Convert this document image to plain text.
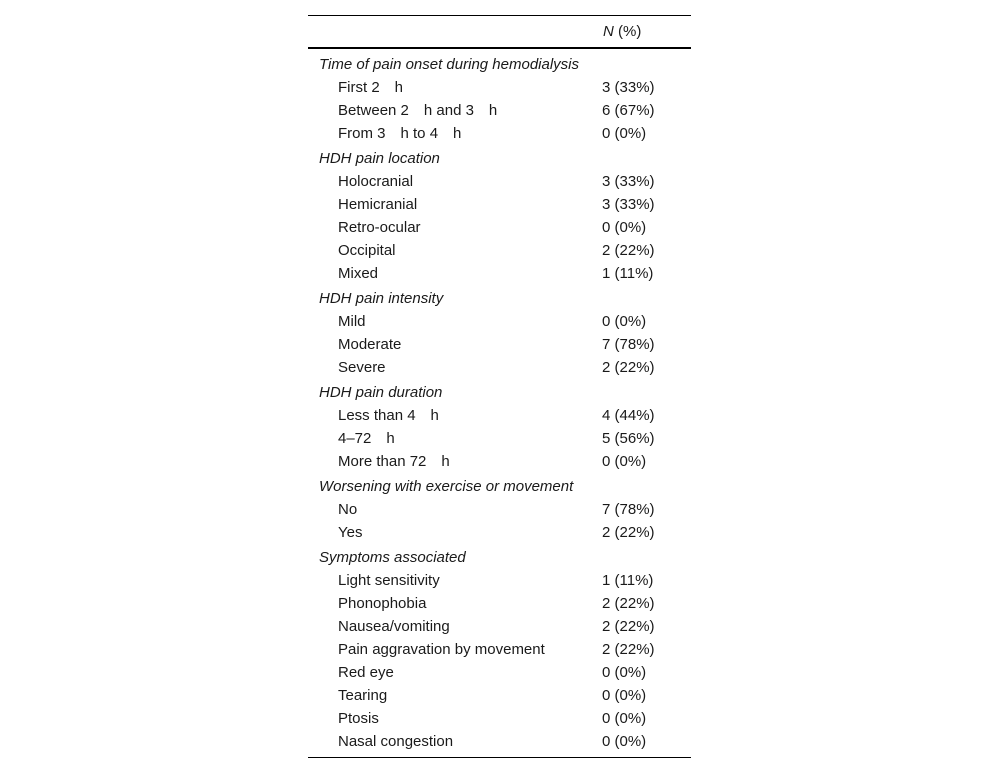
N (%)
Time of pain onset during hemodialysis
First 2  h	3 (33%)
Between 2  h and 3  h	6 (67%)
From 3  h to 4  h	0 (0%)
HDH pain location
Holocranial	3 (33%)
Hemicranial	3 (33%)
Retro-ocular	0 (0%)
Occipital	2 (22%)
Mixed	1 (11%)
HDH pain intensity
Mild	0 (0%)
Moderate	7 (78%)
Severe	2 (22%)
HDH pain duration
Less than 4  h	4 (44%)
4–72  h	5 (56%)
More than 72  h	0 (0%)
Worsening with exercise or movement
No	7 (78%)
Yes	2 (22%)
Symptoms associated
Light sensitivity	1 (11%)
Phonophobia	2 (22%)
Nausea/vomiting	2 (22%)
Pain aggravation by movement	2 (22%)
Red eye	0 (0%)
Tearing	0 (0%)
Ptosis	0 (0%)
Nasal congestion	0 (0%)
